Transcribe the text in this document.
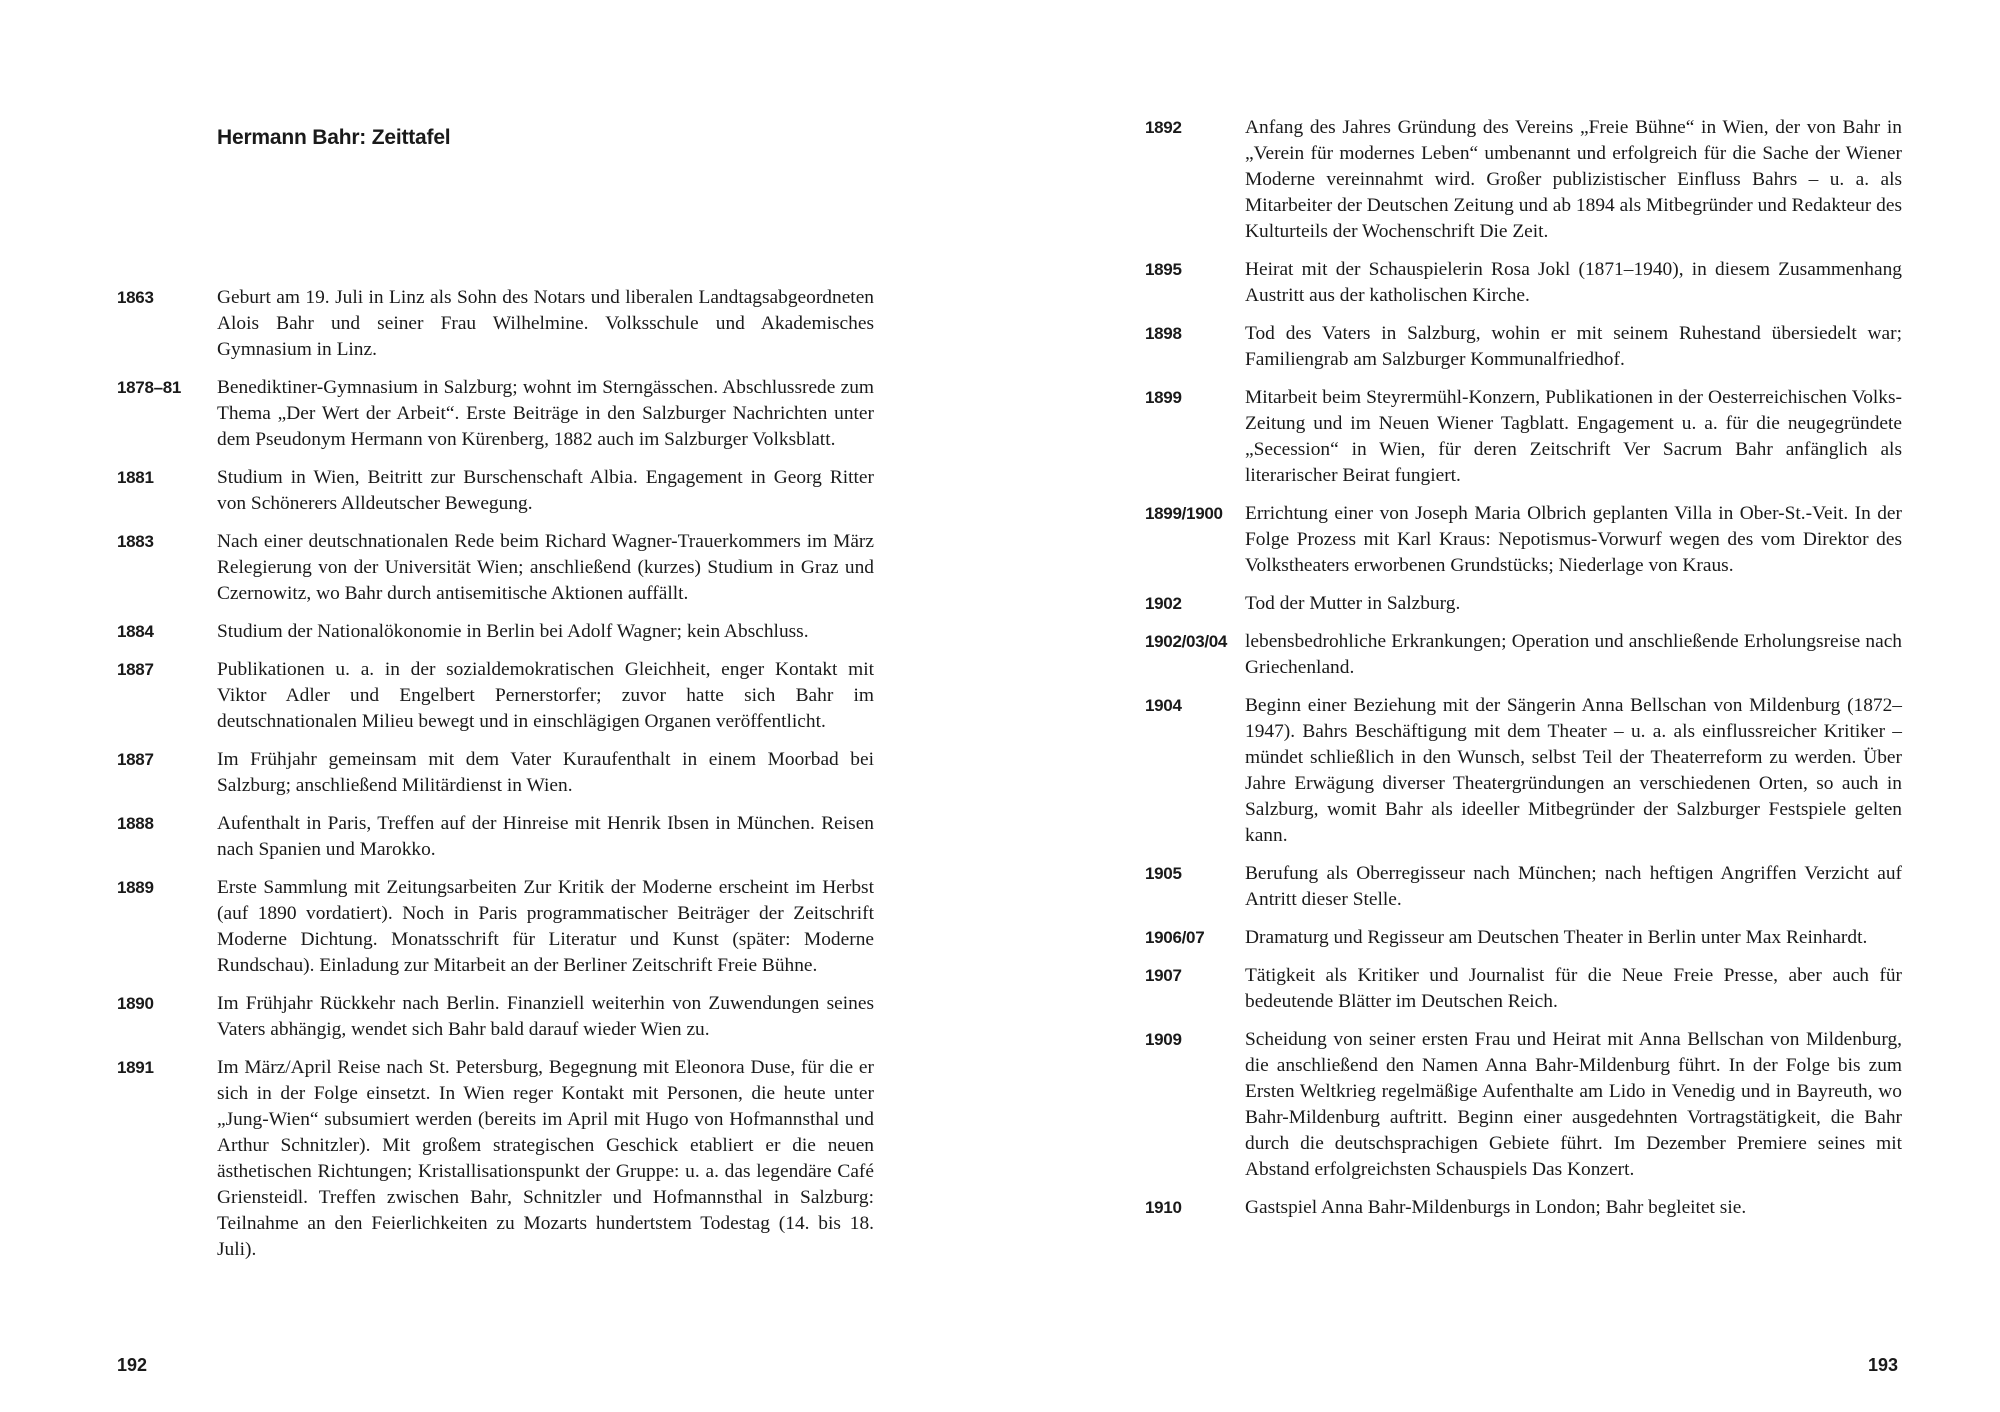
Hermann Bahr: Zeittafel
1863	Geburt am 19. Juli in Linz als Sohn des Notars und liberalen Landtagsabgeordneten Alois Bahr und seiner Frau Wilhelmine. Volksschule und Akademisches Gymnasium in Linz.
1878–81	Benediktiner-Gymnasium in Salzburg; wohnt im Sterngässchen. Abschlussrede zum Thema „Der Wert der Arbeit“. Erste Beiträge in den Salzburger Nachrichten unter dem Pseudonym Hermann von Kürenberg, 1882 auch im Salzburger Volksblatt.
1881	Studium in Wien, Beitritt zur Burschenschaft Albia. Engagement in Georg Ritter von Schönerers Alldeutscher Bewegung.
1883	Nach einer deutschnationalen Rede beim Richard Wagner-Trauerkommers im März Relegierung von der Universität Wien; anschließend (kurzes) Studium in Graz und Czernowitz, wo Bahr durch antisemitische Aktionen auffällt.
1884	Studium der Nationalökonomie in Berlin bei Adolf Wagner; kein Abschluss.
1887	Publikationen u. a. in der sozialdemokratischen Gleichheit, enger Kontakt mit Viktor Adler und Engelbert Pernerstorfer; zuvor hatte sich Bahr im deutschnationalen Milieu bewegt und in einschlägigen Organen veröffentlicht.
1887	Im Frühjahr gemeinsam mit dem Vater Kuraufenthalt in einem Moorbad bei Salzburg; anschließend Militärdienst in Wien.
1888	Aufenthalt in Paris, Treffen auf der Hinreise mit Henrik Ibsen in München. Reisen nach Spanien und Marokko.
1889	Erste Sammlung mit Zeitungsarbeiten Zur Kritik der Moderne erscheint im Herbst (auf 1890 vordatiert). Noch in Paris programmatischer Beiträger der Zeitschrift Moderne Dichtung. Monatsschrift für Literatur und Kunst (später: Moderne Rundschau). Einladung zur Mitarbeit an der Berliner Zeitschrift Freie Bühne.
1890	Im Frühjahr Rückkehr nach Berlin. Finanziell weiterhin von Zuwendungen seines Vaters abhängig, wendet sich Bahr bald darauf wieder Wien zu.
1891	Im März/April Reise nach St. Petersburg, Begegnung mit Eleonora Duse, für die er sich in der Folge einsetzt. In Wien reger Kontakt mit Personen, die heute unter „Jung-Wien“ subsumiert werden (bereits im April mit Hugo von Hofmannsthal und Arthur Schnitzler). Mit großem strategischen Geschick etabliert er die neuen ästhetischen Richtungen; Kristallisationspunkt der Gruppe: u. a. das legendäre Café Griensteidl. Treffen zwischen Bahr, Schnitzler und Hofmannsthal in Salzburg: Teilnahme an den Feierlichkeiten zu Mozarts hundertstem Todestag (14. bis 18. Juli).
192
1892	Anfang des Jahres Gründung des Vereins „Freie Bühne“ in Wien, der von Bahr in „Verein für modernes Leben“ umbenannt und erfolgreich für die Sache der Wiener Moderne vereinnahmt wird. Großer publizistischer Einfluss Bahrs – u. a. als Mitarbeiter der Deutschen Zeitung und ab 1894 als Mitbegründer und Redakteur des Kulturteils der Wochenschrift Die Zeit.
1895	Heirat mit der Schauspielerin Rosa Jokl (1871–1940), in diesem Zusammenhang Austritt aus der katholischen Kirche.
1898	Tod des Vaters in Salzburg, wohin er mit seinem Ruhestand übersiedelt war; Familiengrab am Salzburger Kommunalfriedhof.
1899	Mitarbeit beim Steyrermühl-Konzern, Publikationen in der Oesterreichischen Volks-Zeitung und im Neuen Wiener Tagblatt. Engagement u. a. für die neugegründete „Secession“ in Wien, für deren Zeitschrift Ver Sacrum Bahr anfänglich als literarischer Beirat fungiert.
1899/1900	Errichtung einer von Joseph Maria Olbrich geplanten Villa in Ober-St.-Veit. In der Folge Prozess mit Karl Kraus: Nepotismus-Vorwurf wegen des vom Direktor des Volkstheaters erworbenen Grundstücks; Niederlage von Kraus.
1902	Tod der Mutter in Salzburg.
1902/03/04 lebensbedrohliche Erkrankungen; Operation und anschließende Erholungsreise nach Griechenland.
1904	Beginn einer Beziehung mit der Sängerin Anna Bellschan von Mildenburg (1872–1947). Bahrs Beschäftigung mit dem Theater – u. a. als einflussreicher Kritiker – mündet schließlich in den Wunsch, selbst Teil der Theaterreform zu werden. Über Jahre Erwägung diverser Theatergründungen an verschiedenen Orten, so auch in Salzburg, womit Bahr als ideeller Mitbegründer der Salzburger Festspiele gelten kann.
1905	Berufung als Oberregisseur nach München; nach heftigen Angriffen Verzicht auf Antritt dieser Stelle.
1906/07	Dramaturg und Regisseur am Deutschen Theater in Berlin unter Max Reinhardt.
1907	Tätigkeit als Kritiker und Journalist für die Neue Freie Presse, aber auch für bedeutende Blätter im Deutschen Reich.
1909	Scheidung von seiner ersten Frau und Heirat mit Anna Bellschan von Mildenburg, die anschließend den Namen Anna Bahr-Mildenburg führt. In der Folge bis zum Ersten Weltkrieg regelmäßige Aufenthalte am Lido in Venedig und in Bayreuth, wo Bahr-Mildenburg auftritt. Beginn einer ausgedehnten Vortragstätigkeit, die Bahr durch die deutschsprachigen Gebiete führt. Im Dezember Premiere seines mit Abstand erfolgreichsten Schauspiels Das Konzert.
1910	Gastspiel Anna Bahr-Mildenburgs in London; Bahr begleitet sie.
193
